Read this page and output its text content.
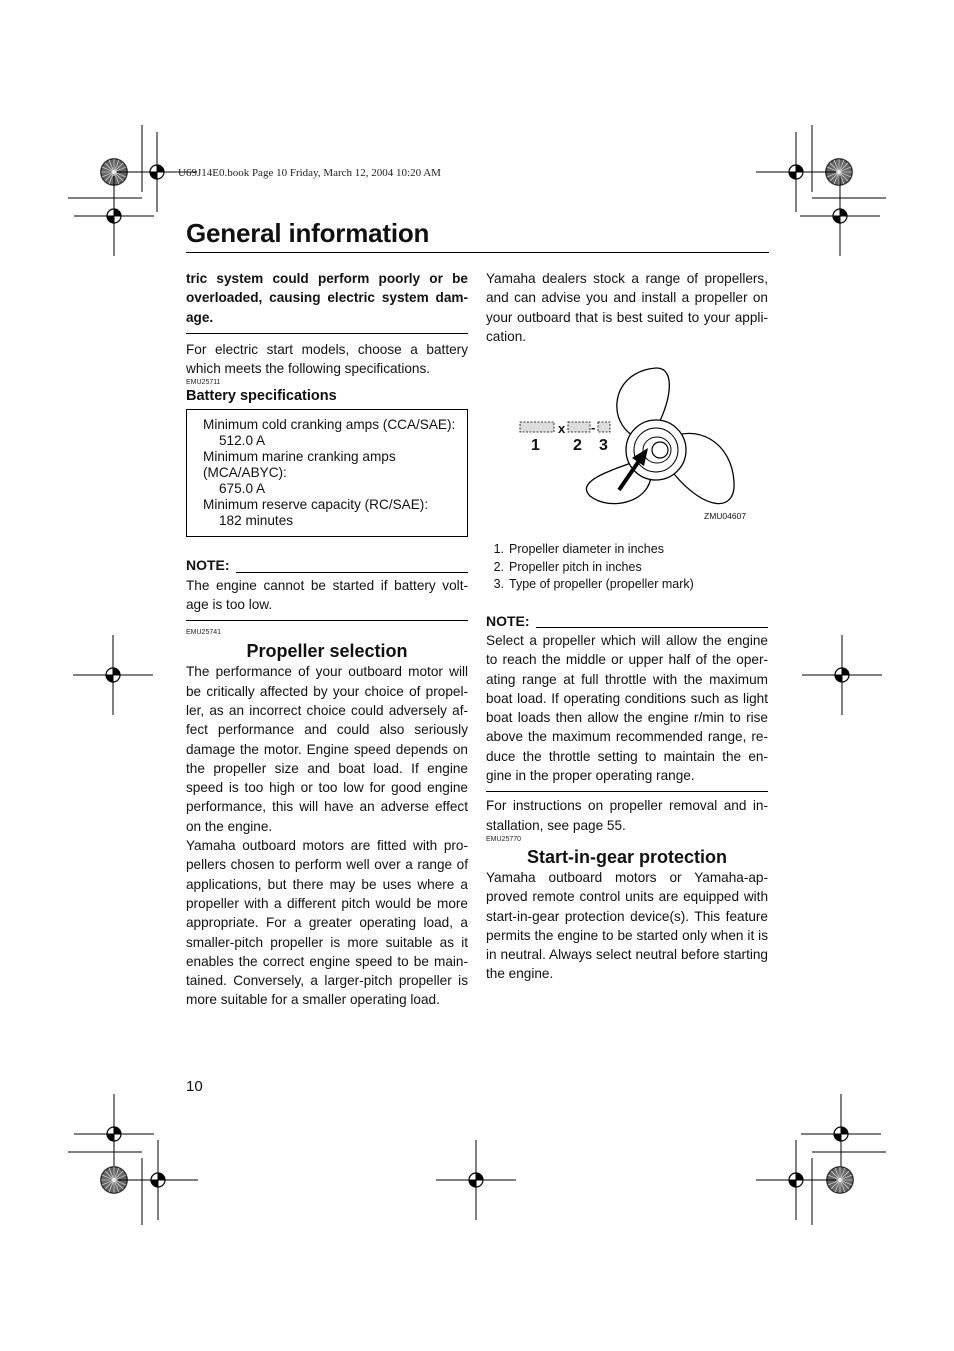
U69J14E0.book Page 10 Friday, March 12, 2004 10:20 AM
General information

tric system could perform poorly or be overloaded, causing electric system dam-age.

For electric start models, choose a battery which meets the following specifications.

EMU25711
Battery specifications
Minimum cold cranking amps (CCA/SAE):
512.0 A
Minimum marine cranking amps (MCA/ABYC):
675.0 A
Minimum reserve capacity (RC/SAE):
182 minutes
NOTE:

The engine cannot be started if battery volt-age is too low.

EMU25741
Propeller selection

The performance of your outboard motor will be critically affected by your choice of propel-ler, as an incorrect choice could adversely af-fect performance and could also seriously damage the motor. Engine speed depends on the propeller size and boat load. If engine speed is too high or too low for good engine performance, this will have an adverse effect on the engine.

Yamaha outboard motors are fitted with pro-pellers chosen to perform well over a range of applications, but there may be uses where a propeller with a different pitch would be more appropriate. For a greater operating load, a smaller-pitch propeller is more suitable as it enables the correct engine speed to be main-tained. Conversely, a larger-pitch propeller is more suitable for a smaller operating load.

Yamaha dealers stock a range of propellers, and can advise you and install a propeller on your outboard that is best suited to your appli-cation.

x -
1 2 3
ZMU04607
1. Propeller diameter in inches
2. Propeller pitch in inches
3. Type of propeller (propeller mark)
NOTE:

Select a propeller which will allow the engine to reach the middle or upper half of the oper-ating range at full throttle with the maximum boat load. If operating conditions such as light boat loads then allow the engine r/min to rise above the maximum recommended range, re-duce the throttle setting to maintain the en-gine in the proper operating range.

For instructions on propeller removal and in-stallation, see page 55.

EMU25770
Start-in-gear protection

Yamaha outboard motors or Yamaha-ap-proved remote control units are equipped with start-in-gear protection device(s). This feature permits the engine to be started only when it is in neutral. Always select neutral before starting the engine.

10
